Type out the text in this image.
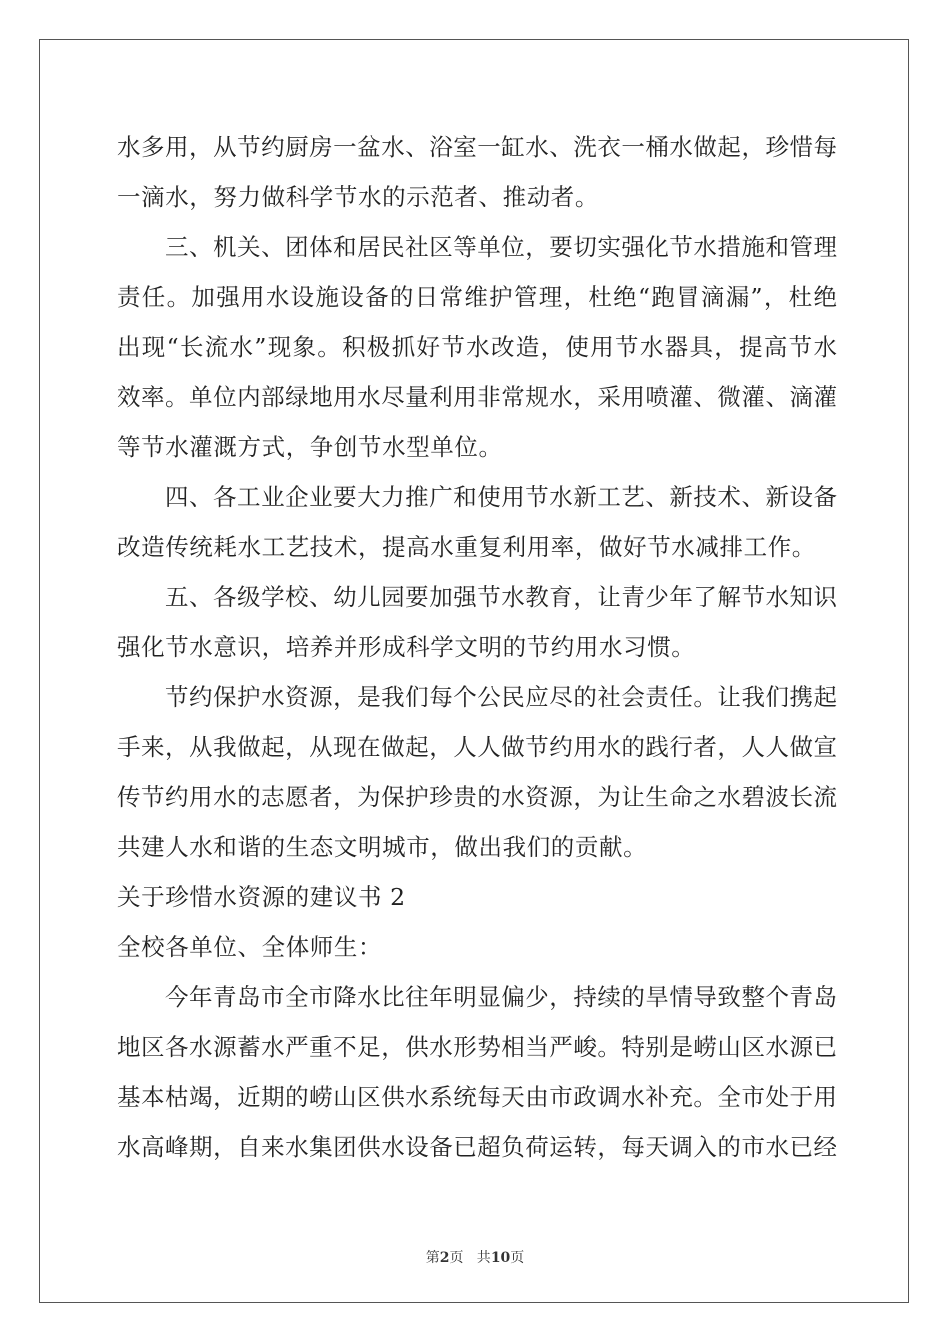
水多用，从节约厨房一盆水、浴室一缸水、洗衣一桶水做起，珍惜每
一滴水，努力做科学节水的示范者、推动者。
三、机关、团体和居民社区等单位，要切实强化节水措施和管理
责任。加强用水设施设备的日常维护管理，杜绝“跑冒滴漏”，杜绝
出现“长流水”现象。积极抓好节水改造，使用节水器具，提高节水
效率。单位内部绿地用水尽量利用非常规水，采用喷灌、微灌、滴灌
等节水灌溉方式，争创节水型单位。
四、各工业企业要大力推广和使用节水新工艺、新技术、新设备
改造传统耗水工艺技术，提高水重复利用率，做好节水减排工作。
五、各级学校、幼儿园要加强节水教育，让青少年了解节水知识
强化节水意识，培养并形成科学文明的节约用水习惯。
节约保护水资源，是我们每个公民应尽的社会责任。让我们携起
手来，从我做起，从现在做起，人人做节约用水的践行者，人人做宣
传节约用水的志愿者，为保护珍贵的水资源，为让生命之水碧波长流
共建人水和谐的生态文明城市，做出我们的贡献。
关于珍惜水资源的建议书 2
全校各单位、全体师生：
今年青岛市全市降水比往年明显偏少，持续的旱情导致整个青岛
地区各水源蓄水严重不足，供水形势相当严峻。特别是崂山区水源已
基本枯竭，近期的崂山区供水系统每天由市政调水补充。全市处于用
水高峰期，自来水集团供水设备已超负荷运转，每天调入的市水已经
第2页   共10页
